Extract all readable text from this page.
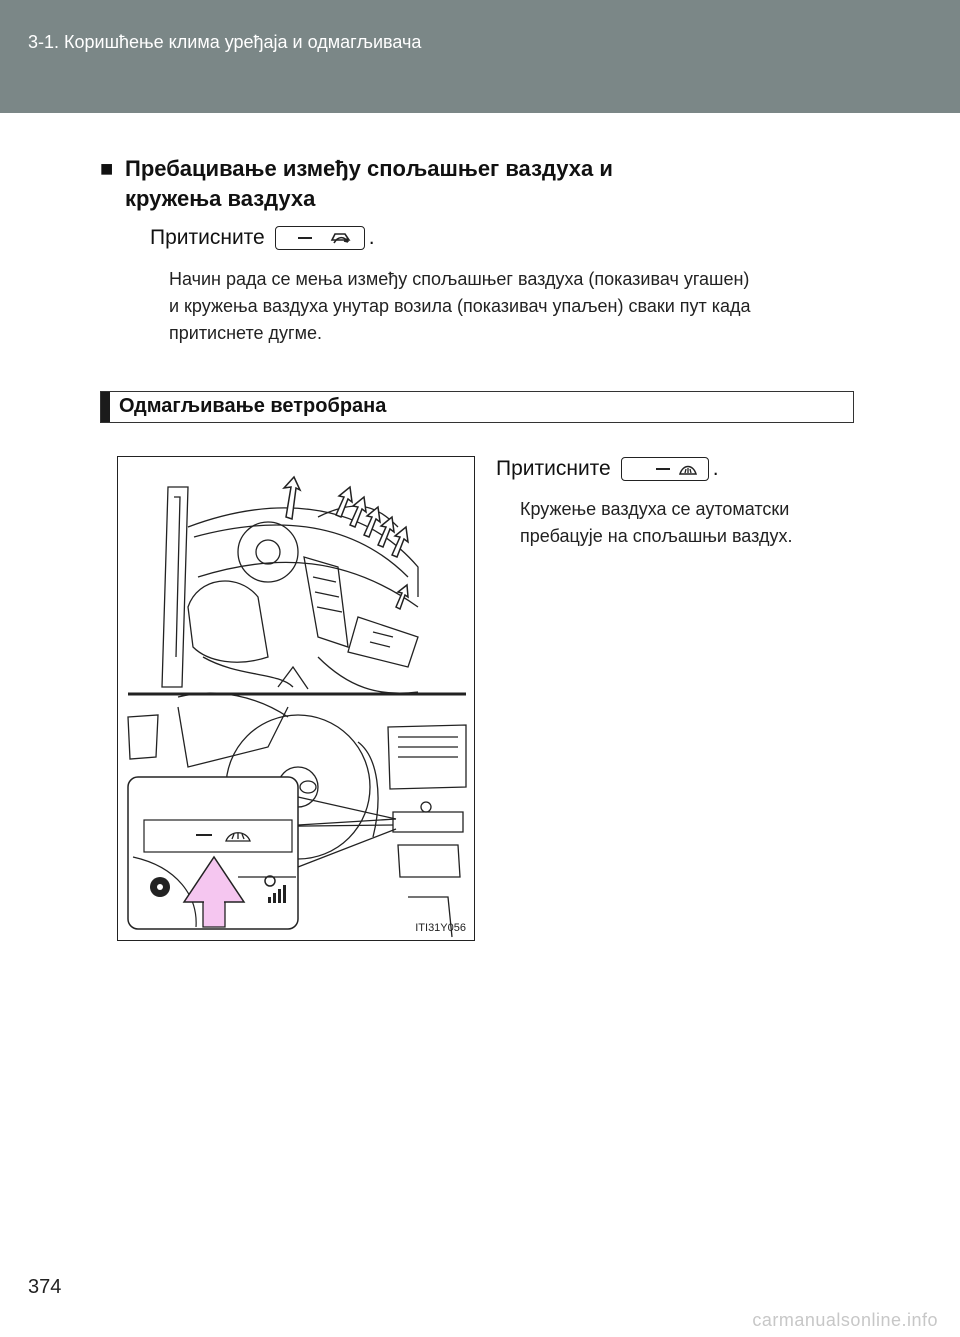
3-1. Коришћење клима уређаја и одмагљивача
■ Пребацивање између спољашњег ваздуха и
кружења ваздуха
Притисните	.
Начин рада се мења између спољашњег ваздуха (показивач угашен)
и кружења ваздуха унутар возила (показивач упаљен) сваки пут када
притиснете дугме.
Одмагљивање ветробрана
ITI31Y056
Притисните	.
Кружење ваздуха се аутоматски
пребацује на спољашњи ваздух.
374
carmanualsonline.info
